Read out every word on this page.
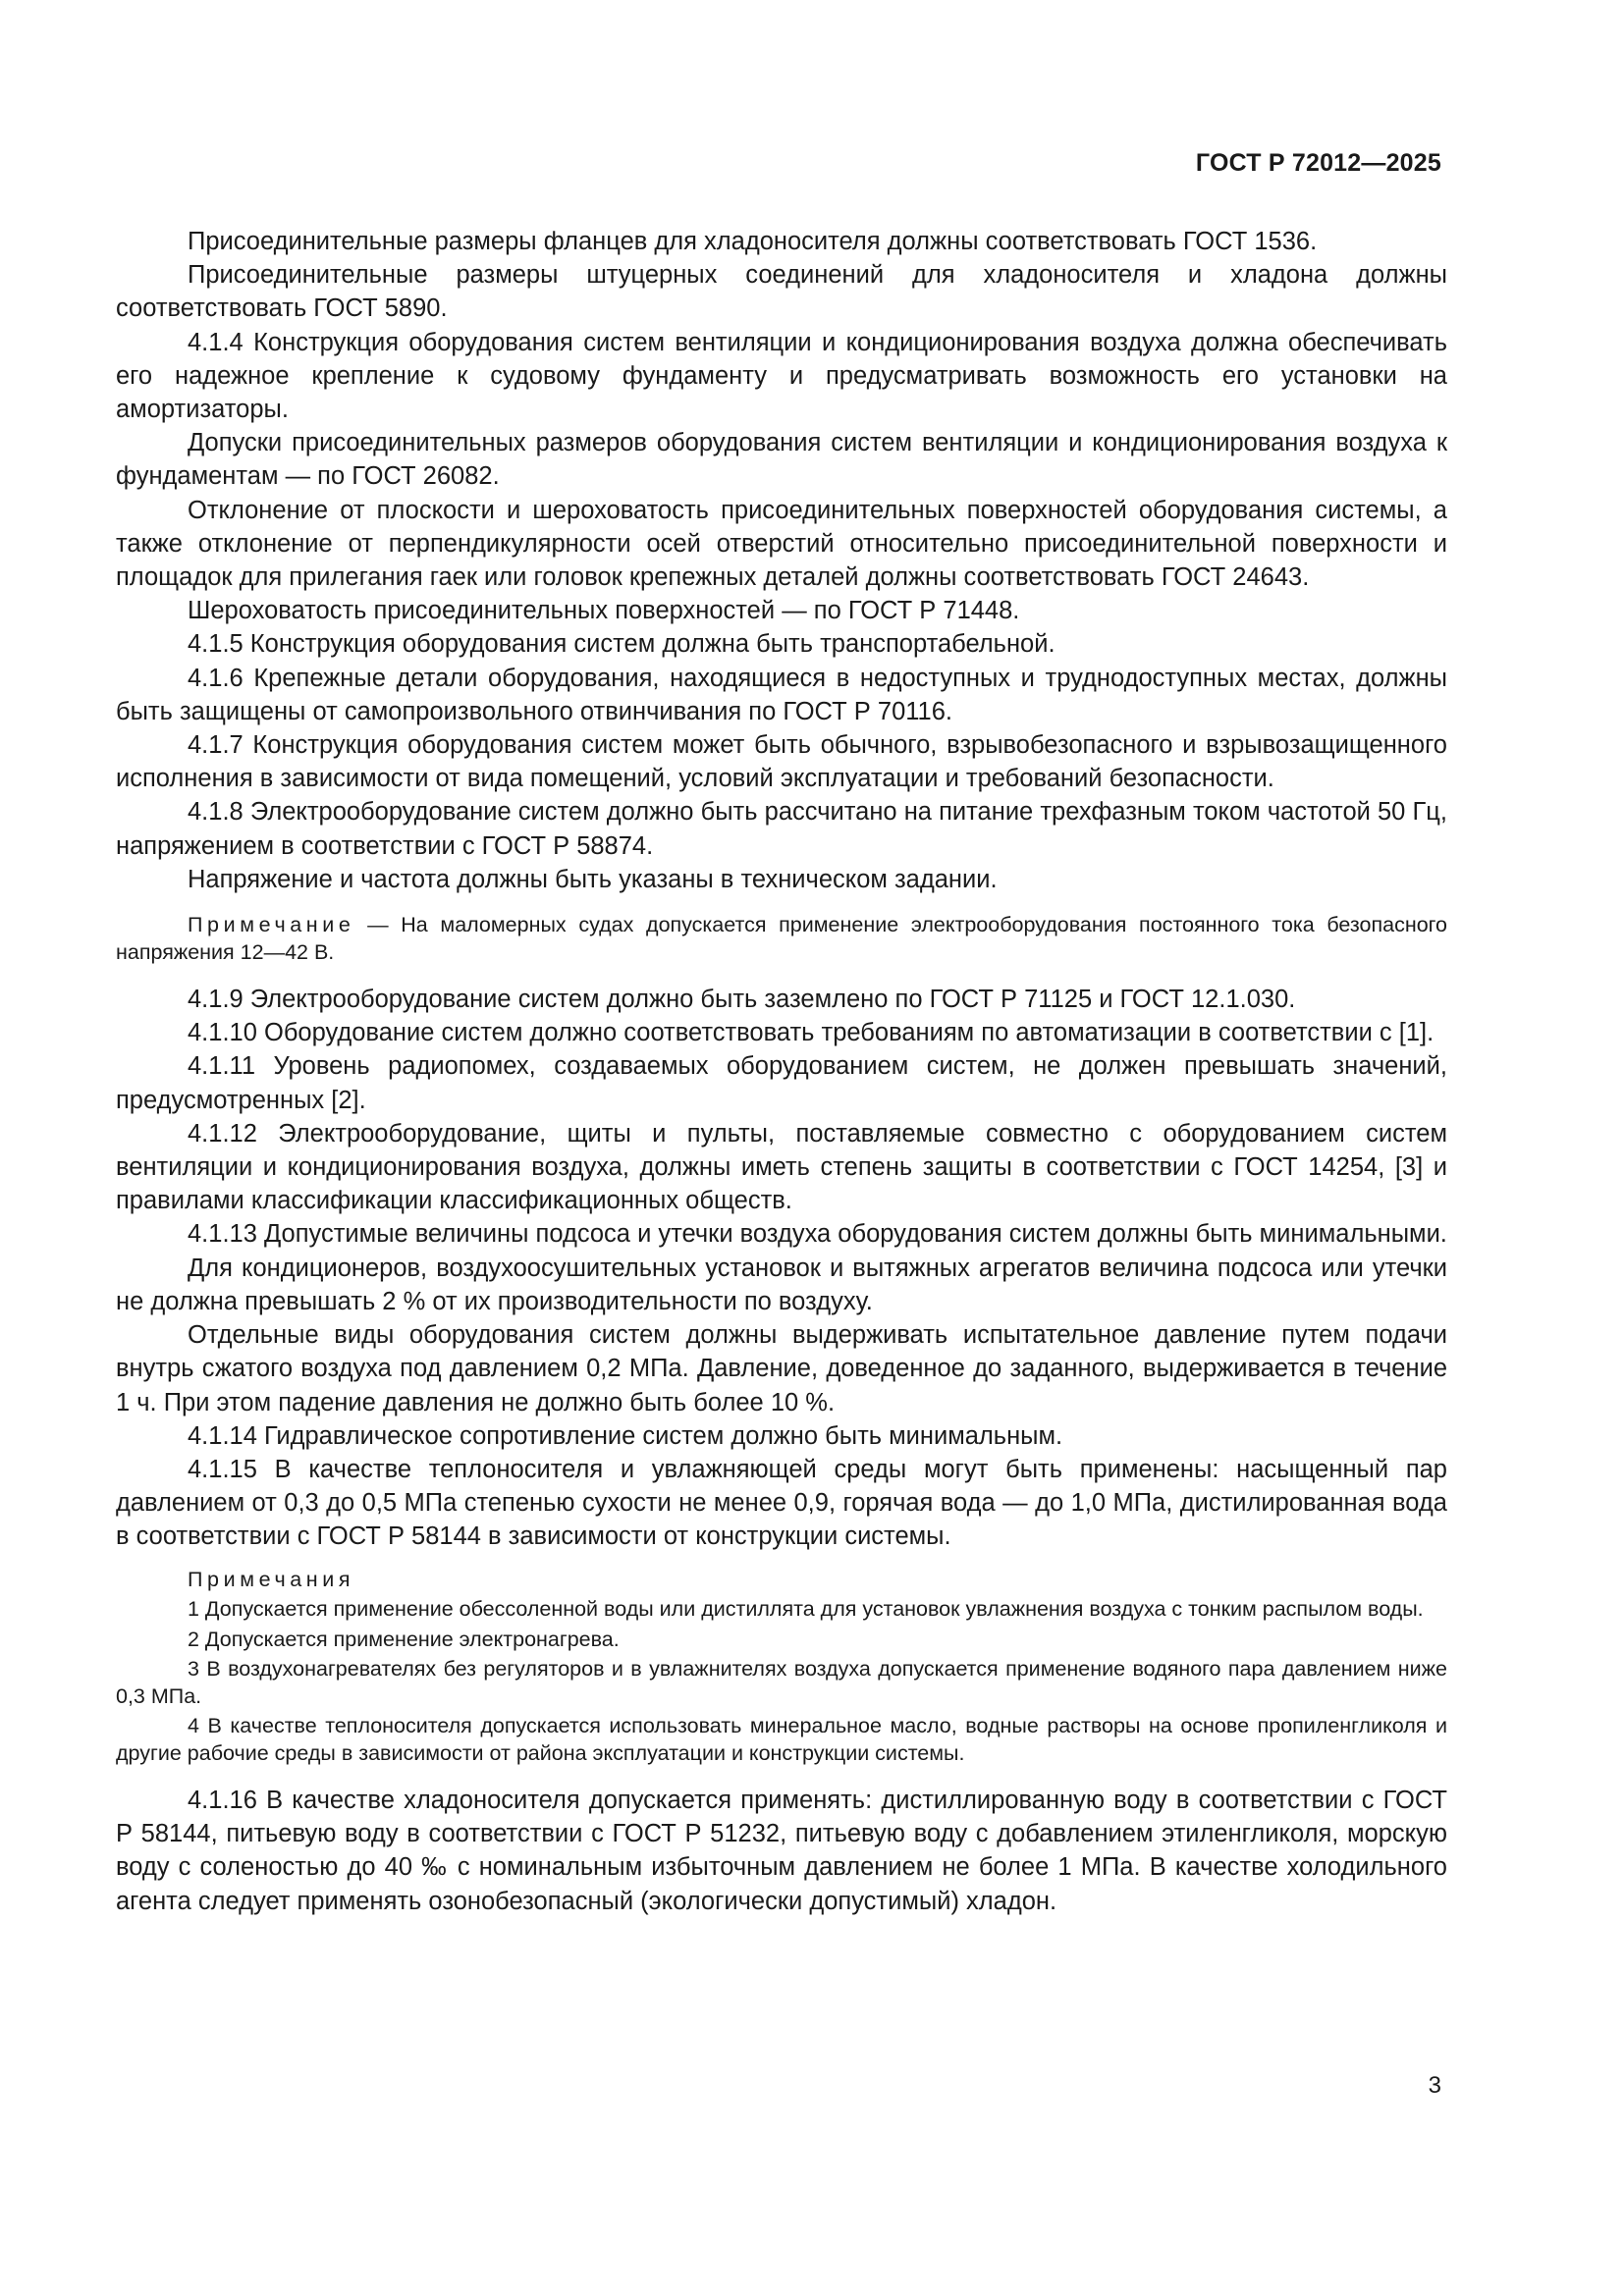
ГОСТ Р 72012—2025

Присоединительные размеры фланцев для хладоносителя должны соответствовать ГОСТ 1536.

Присоединительные размеры штуцерных соединений для хладоносителя и хладона должны соответствовать ГОСТ 5890.

4.1.4 Конструкция оборудования систем вентиляции и кондиционирования воздуха должна обеспечивать его надежное крепление к судовому фундаменту и предусматривать возможность его установки на амортизаторы.

Допуски присоединительных размеров оборудования систем вентиляции и кондиционирования воздуха к фундаментам — по ГОСТ 26082.

Отклонение от плоскости и шероховатость присоединительных поверхностей оборудования системы, а также отклонение от перпендикулярности осей отверстий относительно присоединительной поверхности и площадок для прилегания гаек или головок крепежных деталей должны соответствовать ГОСТ 24643.

Шероховатость присоединительных поверхностей — по ГОСТ Р 71448.

4.1.5 Конструкция оборудования систем должна быть транспортабельной.

4.1.6 Крепежные детали оборудования, находящиеся в недоступных и труднодоступных местах, должны быть защищены от самопроизвольного отвинчивания по ГОСТ Р 70116.

4.1.7 Конструкция оборудования систем может быть обычного, взрывобезопасного и взрывозащищенного исполнения в зависимости от вида помещений, условий эксплуатации и требований безопасности.

4.1.8 Электрооборудование систем должно быть рассчитано на питание трехфазным током частотой 50 Гц, напряжением в соответствии с ГОСТ Р 58874.

Напряжение и частота должны быть указаны в техническом задании.

Примечание — На маломерных судах допускается применение электрооборудования постоянного тока безопасного напряжения 12—42 В.

4.1.9 Электрооборудование систем должно быть заземлено по ГОСТ Р 71125 и ГОСТ 12.1.030.

4.1.10 Оборудование систем должно соответствовать требованиям по автоматизации в соответствии с [1].

4.1.11 Уровень радиопомех, создаваемых оборудованием систем, не должен превышать значений, предусмотренных [2].

4.1.12 Электрооборудование, щиты и пульты, поставляемые совместно с оборудованием систем вентиляции и кондиционирования воздуха, должны иметь степень защиты в соответствии с ГОСТ 14254, [3] и правилами классификации классификационных обществ.

4.1.13 Допустимые величины подсоса и утечки воздуха оборудования систем должны быть минимальными.

Для кондиционеров, воздухоосушительных установок и вытяжных агрегатов величина подсоса или утечки не должна превышать 2 % от их производительности по воздуху.

Отдельные виды оборудования систем должны выдерживать испытательное давление путем подачи внутрь сжатого воздуха под давлением 0,2 МПа. Давление, доведенное до заданного, выдерживается в течение 1 ч. При этом падение давления не должно быть более 10 %.

4.1.14 Гидравлическое сопротивление систем должно быть минимальным.

4.1.15 В качестве теплоносителя и увлажняющей среды могут быть применены: насыщенный пар давлением от 0,3 до 0,5 МПа степенью сухости не менее 0,9, горячая вода — до 1,0 МПа, дистилированная вода в соответствии с ГОСТ Р 58144 в зависимости от конструкции системы.

Примечания

1 Допускается применение обессоленной воды или дистиллята для установок увлажнения воздуха с тонким распылом воды.

2 Допускается применение электронагрева.

3 В воздухонагревателях без регуляторов и в увлажнителях воздуха допускается применение водяного пара давлением ниже 0,3 МПа.

4 В качестве теплоносителя допускается использовать минеральное масло, водные растворы на основе пропиленгликоля и другие рабочие среды в зависимости от района эксплуатации и конструкции системы.

4.1.16 В качестве хладоносителя допускается применять: дистиллированную воду в соответствии с ГОСТ Р 58144, питьевую воду в соответствии с ГОСТ Р 51232, питьевую воду с добавлением этиленгликоля, морскую воду с соленостью до 40 ‰ с номинальным избыточным давлением не более 1 МПа. В качестве холодильного агента следует применять озонобезопасный (экологически допустимый) хладон.

3
